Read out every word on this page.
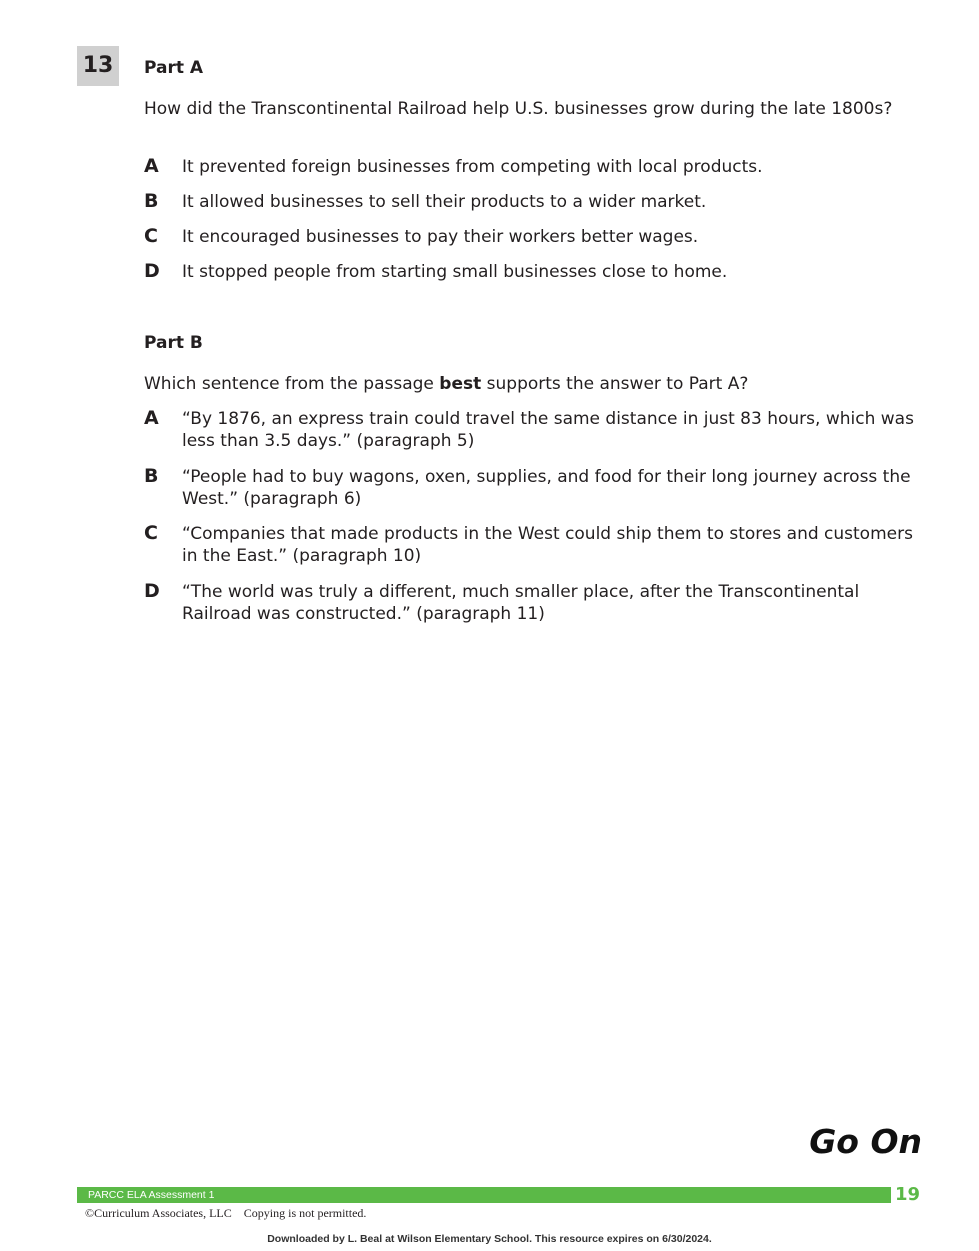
13	Part A
How did the Transcontinental Railroad help U.S. businesses grow during the late 1800s?
A It prevented foreign businesses from competing with local products.
B It allowed businesses to sell their products to a wider market.
C It encouraged businesses to pay their workers better wages.
D It stopped people from starting small businesses close to home.
Part B
Which sentence from the passage best supports the answer to Part A?
A “By 1876, an express train could travel the same distance in just 83 hours, which was less than 3.5 days.” (paragraph 5)
B “People had to buy wagons, oxen, supplies, and food for their long journey across the West.” (paragraph 6)
C “Companies that made products in the West could ship them to stores and customers in the East.” (paragraph 10)
D “The world was truly a different, much smaller place, after the Transcontinental Railroad was constructed.” (paragraph 11)
Go On
PARCC ELA Assessment 1	19
©Curriculum Associates, LLC    Copying is not permitted.
Downloaded by L. Beal at Wilson Elementary School. This resource expires on 6/30/2024.
